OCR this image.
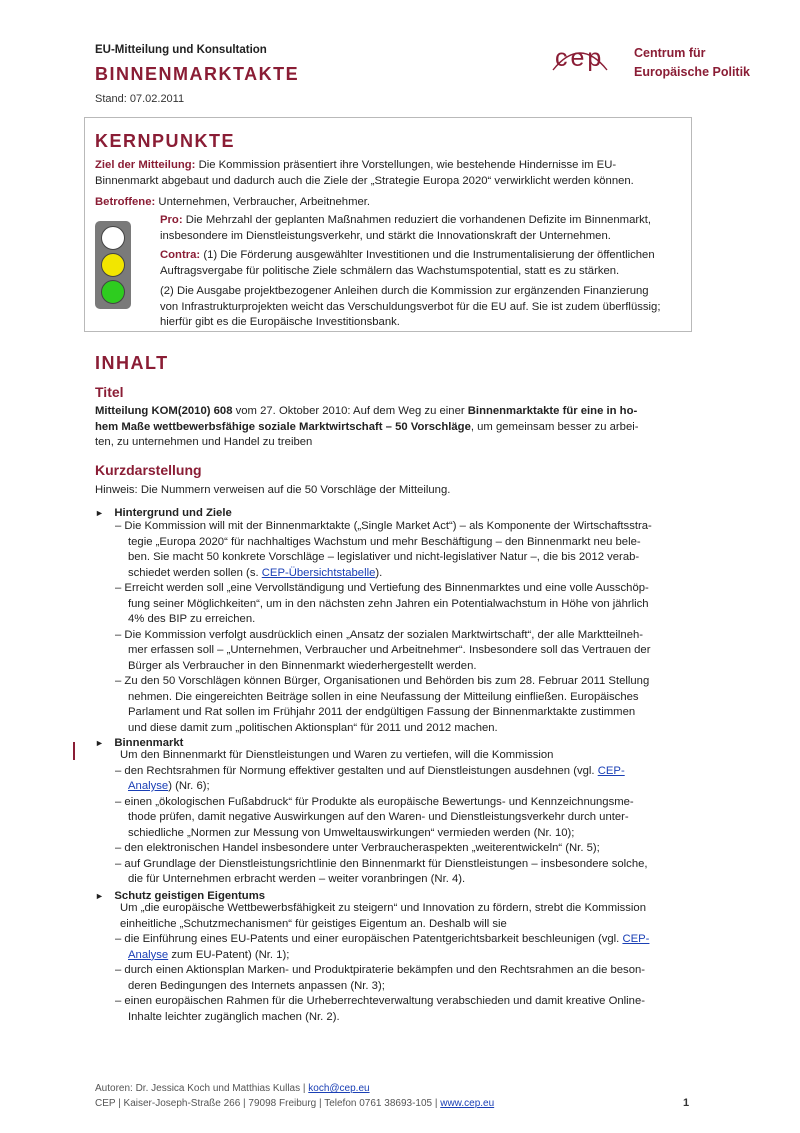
EU-Mitteilung und Konsultation
BINNENMARKTAKTE
Stand: 07.02.2011
cep Centrum für
Europäische Politik
KERNPUNKTE
Ziel der Mitteilung: Die Kommission präsentiert ihre Vorstellungen, wie bestehende Hindernisse im EU-
Binnenmarkt abgebaut und dadurch auch die Ziele der „Strategie Europa 2020“ verwirklicht werden können.
Betroffene: Unternehmen, Verbraucher, Arbeitnehmer.
Pro: Die Mehrzahl der geplanten Maßnahmen reduziert die vorhandenen Defizite im Binnenmarkt,
insbesondere im Dienstleistungsverkehr, und stärkt die Innovationskraft der Unternehmen.
Contra: (1) Die Förderung ausgewählter Investitionen und die Instrumentalisierung der öffentlichen
Auftragsvergabe für politische Ziele schmälern das Wachstumspotential, statt es zu stärken.
(2) Die Ausgabe projektbezogener Anleihen durch die Kommission zur ergänzenden Finanzierung
von Infrastrukturprojekten weicht das Verschuldungsverbot für die EU auf. Sie ist zudem überflüssig;
hierfür gibt es die Europäische Investitionsbank.
INHALT
Titel
Mitteilung KOM(2010) 608 vom 27. Oktober 2010: Auf dem Weg zu einer Binnenmarktakte für eine in ho-
hem Maße wettbewerbsfähige soziale Marktwirtschaft – 50 Vorschläge, um gemeinsam besser zu arbei-
ten, zu unternehmen und Handel zu treiben
Kurzdarstellung
Hinweis: Die Nummern verweisen auf die 50 Vorschläge der Mitteilung.
► Hintergrund und Ziele
– Die Kommission will mit der Binnenmarktakte („Single Market Act“) – als Komponente der Wirtschaftsstra-
tegie „Europa 2020“ für nachhaltiges Wachstum und mehr Beschäftigung – den Binnenmarkt neu bele-
ben. Sie macht 50 konkrete Vorschläge – legislativer und nicht-legislativer Natur –, die bis 2012 verab-
schiedet werden sollen (s. CEP-Übersichtstabelle).
– Erreicht werden soll „eine Vervollständigung und Vertiefung des Binnenmarktes und eine volle Ausschöp-
fung seiner Möglichkeiten“, um in den nächsten zehn Jahren ein Potentialwachstum in Höhe von jährlich
4% des BIP zu erreichen.
– Die Kommission verfolgt ausdrücklich einen „Ansatz der sozialen Marktwirtschaft“, der alle Marktteilneh-
mer erfassen soll – „Unternehmen, Verbraucher und Arbeitnehmer“. Insbesondere soll das Vertrauen der
Bürger als Verbraucher in den Binnenmarkt wiederhergestellt werden.
– Zu den 50 Vorschlägen können Bürger, Organisationen und Behörden bis zum 28. Februar 2011 Stellung
nehmen. Die eingereichten Beiträge sollen in eine Neufassung der Mitteilung einfließen. Europäisches
Parlament und Rat sollen im Frühjahr 2011 der endgültigen Fassung der Binnenmarktakte zustimmen
und diese damit zum „politischen Aktionsplan“ für 2011 und 2012 machen.
► Binnenmarkt
Um den Binnenmarkt für Dienstleistungen und Waren zu vertiefen, will die Kommission
– den Rechtsrahmen für Normung effektiver gestalten und auf Dienstleistungen ausdehnen (vgl. CEP-
Analyse) (Nr. 6);
– einen „ökologischen Fußabdruck“ für Produkte als europäische Bewertungs- und Kennzeichnungsme-
thode prüfen, damit negative Auswirkungen auf den Waren- und Dienstleistungsverkehr durch unter-
schiedliche „Normen zur Messung von Umweltauswirkungen“ vermieden werden (Nr. 10);
– den elektronischen Handel insbesondere unter Verbraucheraspekten „weiterentwickeln“ (Nr. 5);
– auf Grundlage der Dienstleistungsrichtlinie den Binnenmarkt für Dienstleistungen – insbesondere solche,
die für Unternehmen erbracht werden – weiter voranbringen (Nr. 4).
► Schutz geistigen Eigentums
Um „die europäische Wettbewerbsfähigkeit zu steigern“ und Innovation zu fördern, strebt die Kommission
einheitliche „Schutzmechanismen“ für geistiges Eigentum an. Deshalb will sie
– die Einführung eines EU-Patents und einer europäischen Patentgerichtsbarkeit beschleunigen (vgl. CEP-
Analyse zum EU-Patent) (Nr. 1);
– durch einen Aktionsplan Marken- und Produktpiraterie bekämpfen und den Rechtsrahmen an die beson-
deren Bedingungen des Internets anpassen (Nr. 3);
– einen europäischen Rahmen für die Urheberrechteverwaltung verabschieden und damit kreative Online-
Inhalte leichter zugänglich machen (Nr. 2).
Autoren: Dr. Jessica Koch und Matthias Kullas | koch@cep.eu
CEP | Kaiser-Joseph-Straße 266 | 79098 Freiburg | Telefon 0761 38693-105 | www.cep.eu	1
